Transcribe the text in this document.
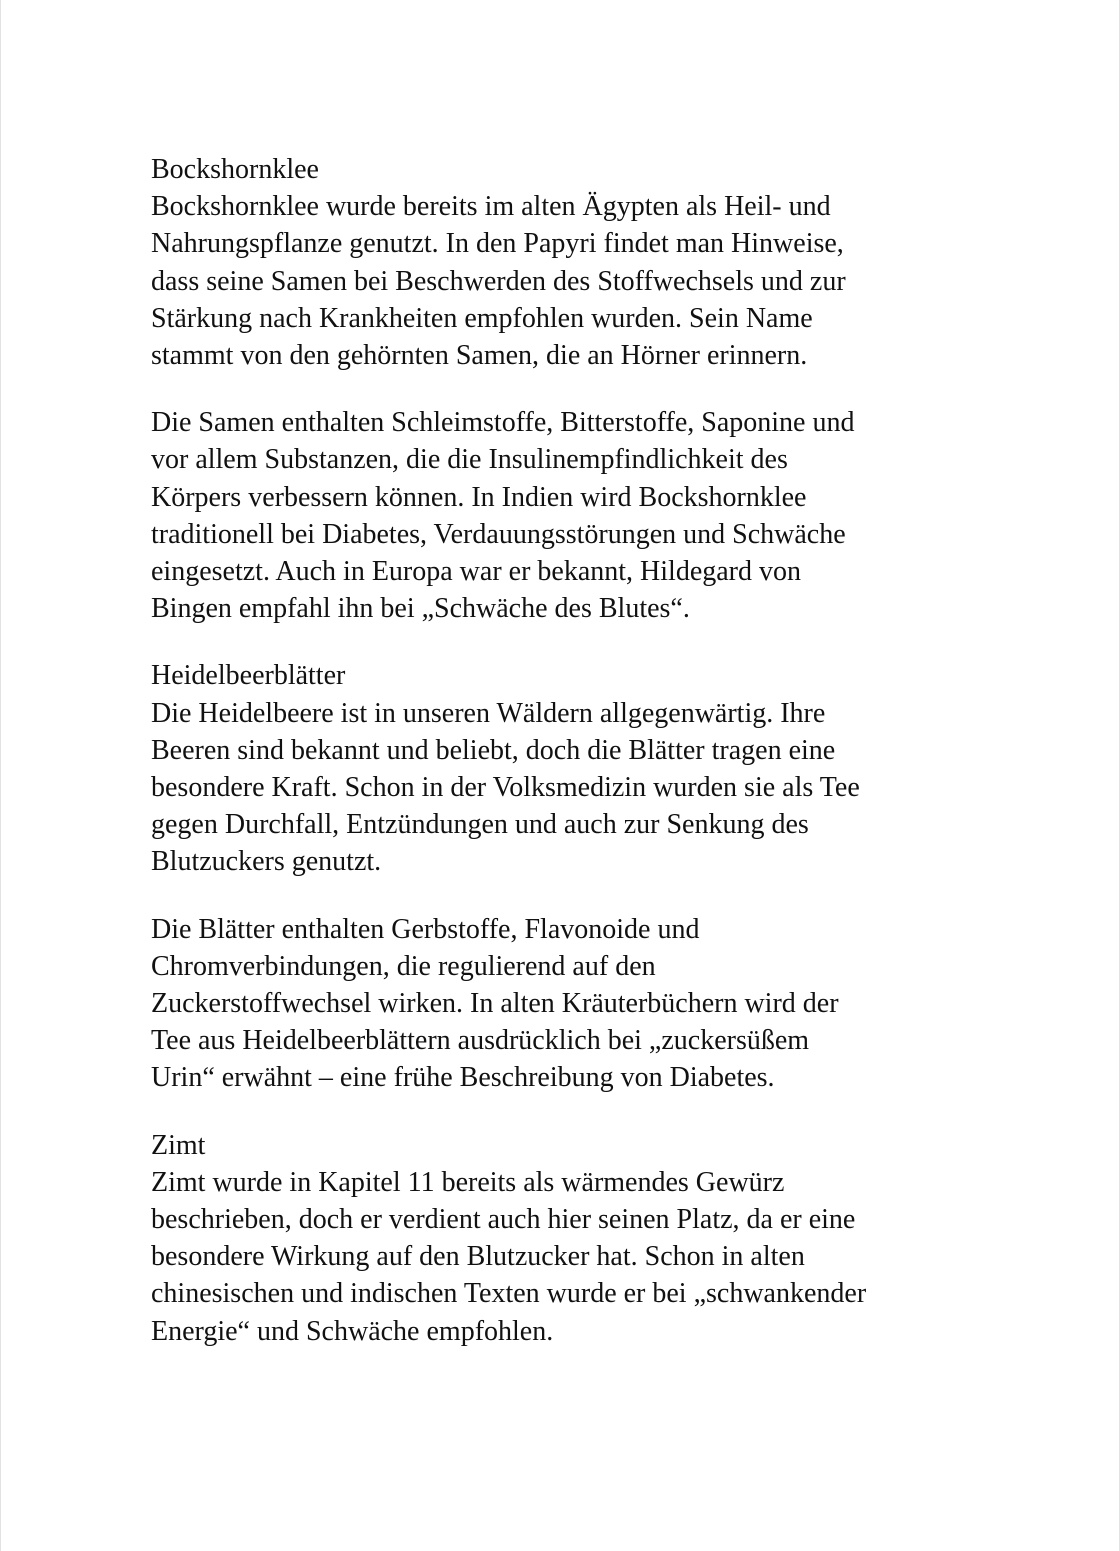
Bockshornklee

Bockshornklee wurde bereits im alten Ägypten als Heil- und
Nahrungspflanze genutzt. In den Papyri findet man Hinweise,
dass seine Samen bei Beschwerden des Stoffwechsels und zur
Stärkung nach Krankheiten empfohlen wurden. Sein Name
stammt von den gehörnten Samen, die an Hörner erinnern.

Die Samen enthalten Schleimstoffe, Bitterstoffe, Saponine und
vor allem Substanzen, die die Insulinempfindlichkeit des
Körpers verbessern können. In Indien wird Bockshornklee
traditionell bei Diabetes, Verdauungsstörungen und Schwäche
eingesetzt. Auch in Europa war er bekannt, Hildegard von
Bingen empfahl ihn bei „Schwäche des Blutes“.

Heidelbeerblätter

Die Heidelbeere ist in unseren Wäldern allgegenwärtig. Ihre
Beeren sind bekannt und beliebt, doch die Blätter tragen eine
besondere Kraft. Schon in der Volksmedizin wurden sie als Tee
gegen Durchfall, Entzündungen und auch zur Senkung des
Blutzuckers genutzt.

Die Blätter enthalten Gerbstoffe, Flavonoide und
Chromverbindungen, die regulierend auf den
Zuckerstoffwechsel wirken. In alten Kräuterbüchern wird der
Tee aus Heidelbeerblättern ausdrücklich bei „zuckersüßem
Urin“ erwähnt – eine frühe Beschreibung von Diabetes.

Zimt

Zimt wurde in Kapitel 11 bereits als wärmendes Gewürz
beschrieben, doch er verdient auch hier seinen Platz, da er eine
besondere Wirkung auf den Blutzucker hat. Schon in alten
chinesischen und indischen Texten wurde er bei „schwankender
Energie“ und Schwäche empfohlen.
